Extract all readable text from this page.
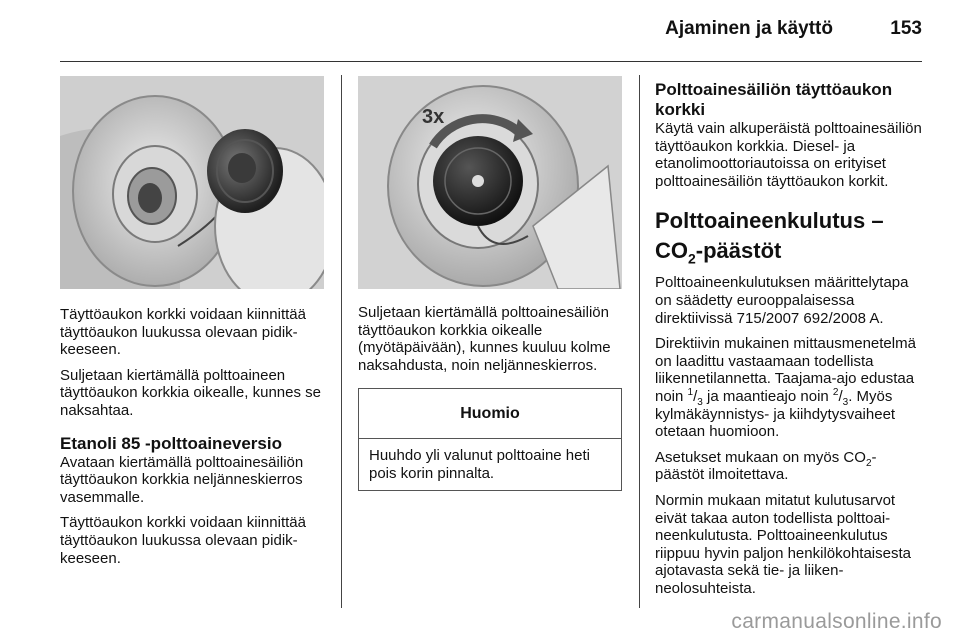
Ajaminen ja käyttö	153
3x

Täyttöaukon korkki voidaan kiinnittää täyttöaukon luukussa olevaan pidikkeeseen.

Suljetaan kiertämällä polttoaineen täyttöaukon korkkia oikealle, kunnes se naksahtaa.

Etanoli 85 -polttoaineversio

Avataan kiertämällä polttoainesäiliön täyttöaukon korkkia neljänneskierros vasemmalle.

Täyttöaukon korkki voidaan kiinnittää täyttöaukon luukussa olevaan pidikkeeseen.

Suljetaan kiertämällä polttoainesäiliön täyttöaukon korkkia oikealle (myötäpäivään), kunnes kuuluu kolme naksahdusta, noin neljänneskierros.

Huomio
Huuhdo yli valunut polttoaine heti pois korin pinnalta.
Polttoainesäiliön täyttöaukon korkki

Käytä vain alkuperäistä polttoainesäiliön täyttöaukon korkkia. Diesel- ja etanolimoottoriautoissa on erityiset polttoainesäiliön täyttöaukon korkit.

Polttoaineenkulutus –
$CO_2$-päästöt

Polttoaineenkulutuksen määrittelytapa on säädetty eurooppalaisessa direktiivissä 715/2007 692/2008 A.

Direktiivin mukainen mittausmenetelmä on laadittu vastaamaan todellista liikennetilannetta. Taajama-ajo edustaa noin $^1/_3$ ja maantieajo noin $^2/_3$. Myös kylmäkäynnistys- ja kiihdytysvaiheet otetaan huomioon.

Asetukset mukaan on myös $CO_2$-päästöt ilmoitettava.

Normin mukaan mitatut kulutusarvot eivät takaa auton todellista polttoaineenkulutusta. Polttoaineenkulutus riippuu hyvin paljon henkilökohtaisesta ajotavasta sekä tie- ja liikenneolosuhteista.

carmanualsonline.info
